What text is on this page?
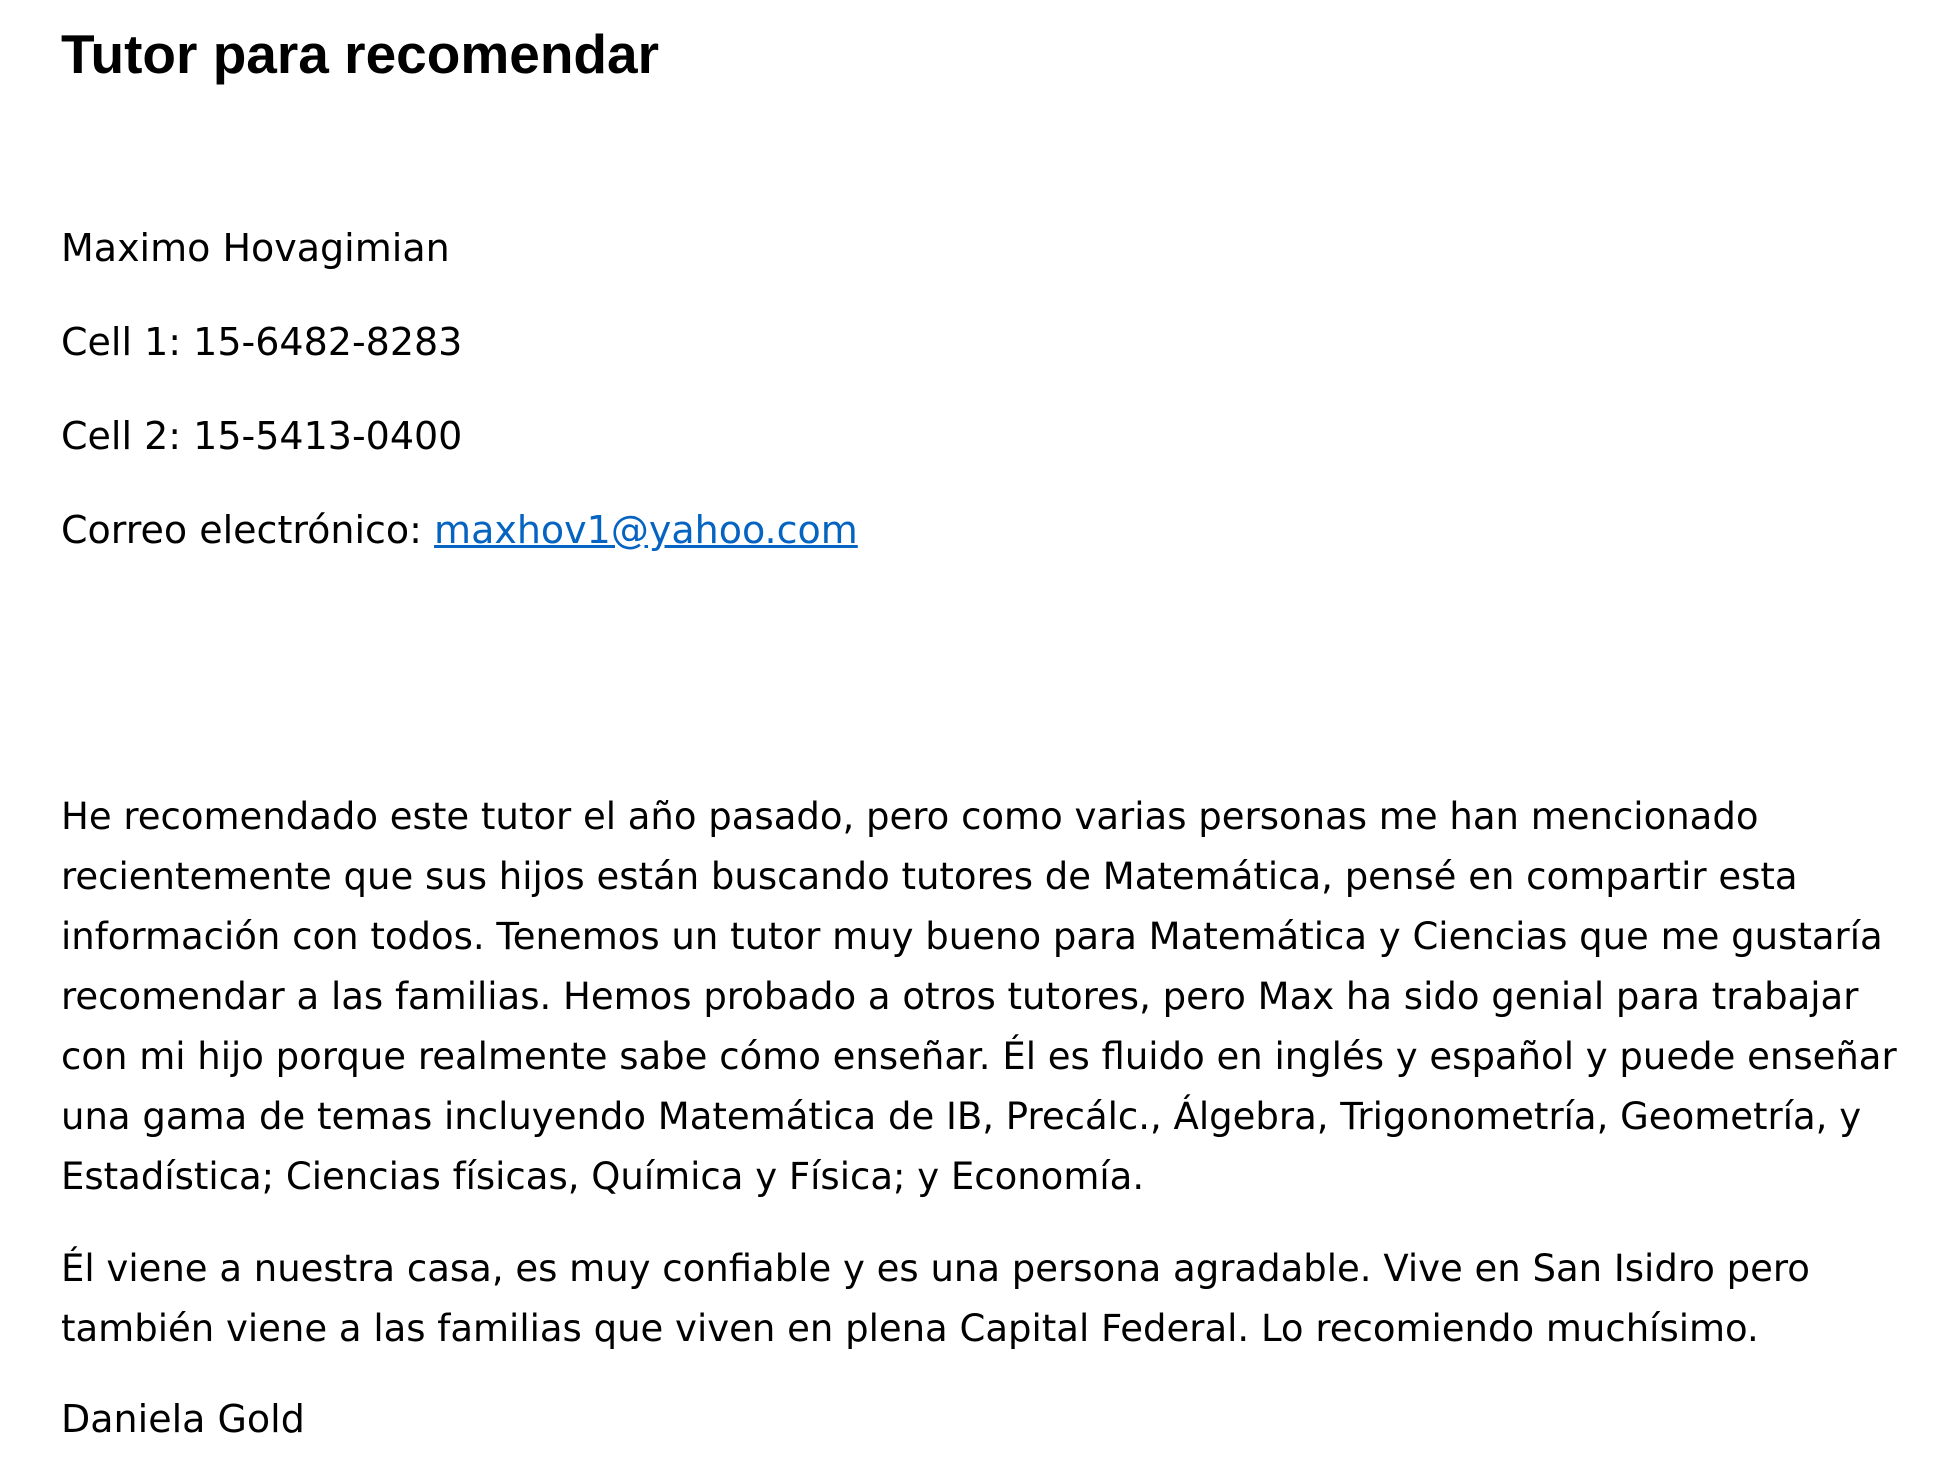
Tutor para recomendar

Maximo Hovagimian

Cell 1: 15-6482-8283

Cell 2: 15-5413-0400

Correo electrónico: maxhov1@yahoo.com

He recomendado este tutor el año pasado, pero como varias personas me han mencionado
recientemente que sus hijos están buscando tutores de Matemática, pensé en compartir esta
información con todos. Tenemos un tutor muy bueno para Matemática y Ciencias que me gustaría
recomendar a las familias. Hemos probado a otros tutores, pero Max ha sido genial para trabajar
con mi hijo porque realmente sabe cómo enseñar. Él es fluido en inglés y español y puede enseñar
una gama de temas incluyendo Matemática de IB, Precálc., Álgebra, Trigonometría, Geometría, y
Estadística; Ciencias físicas, Química y Física; y Economía.

Él viene a nuestra casa, es muy confiable y es una persona agradable. Vive en San Isidro pero
también viene a las familias que viven en plena Capital Federal. Lo recomiendo muchísimo.

Daniela Gold
